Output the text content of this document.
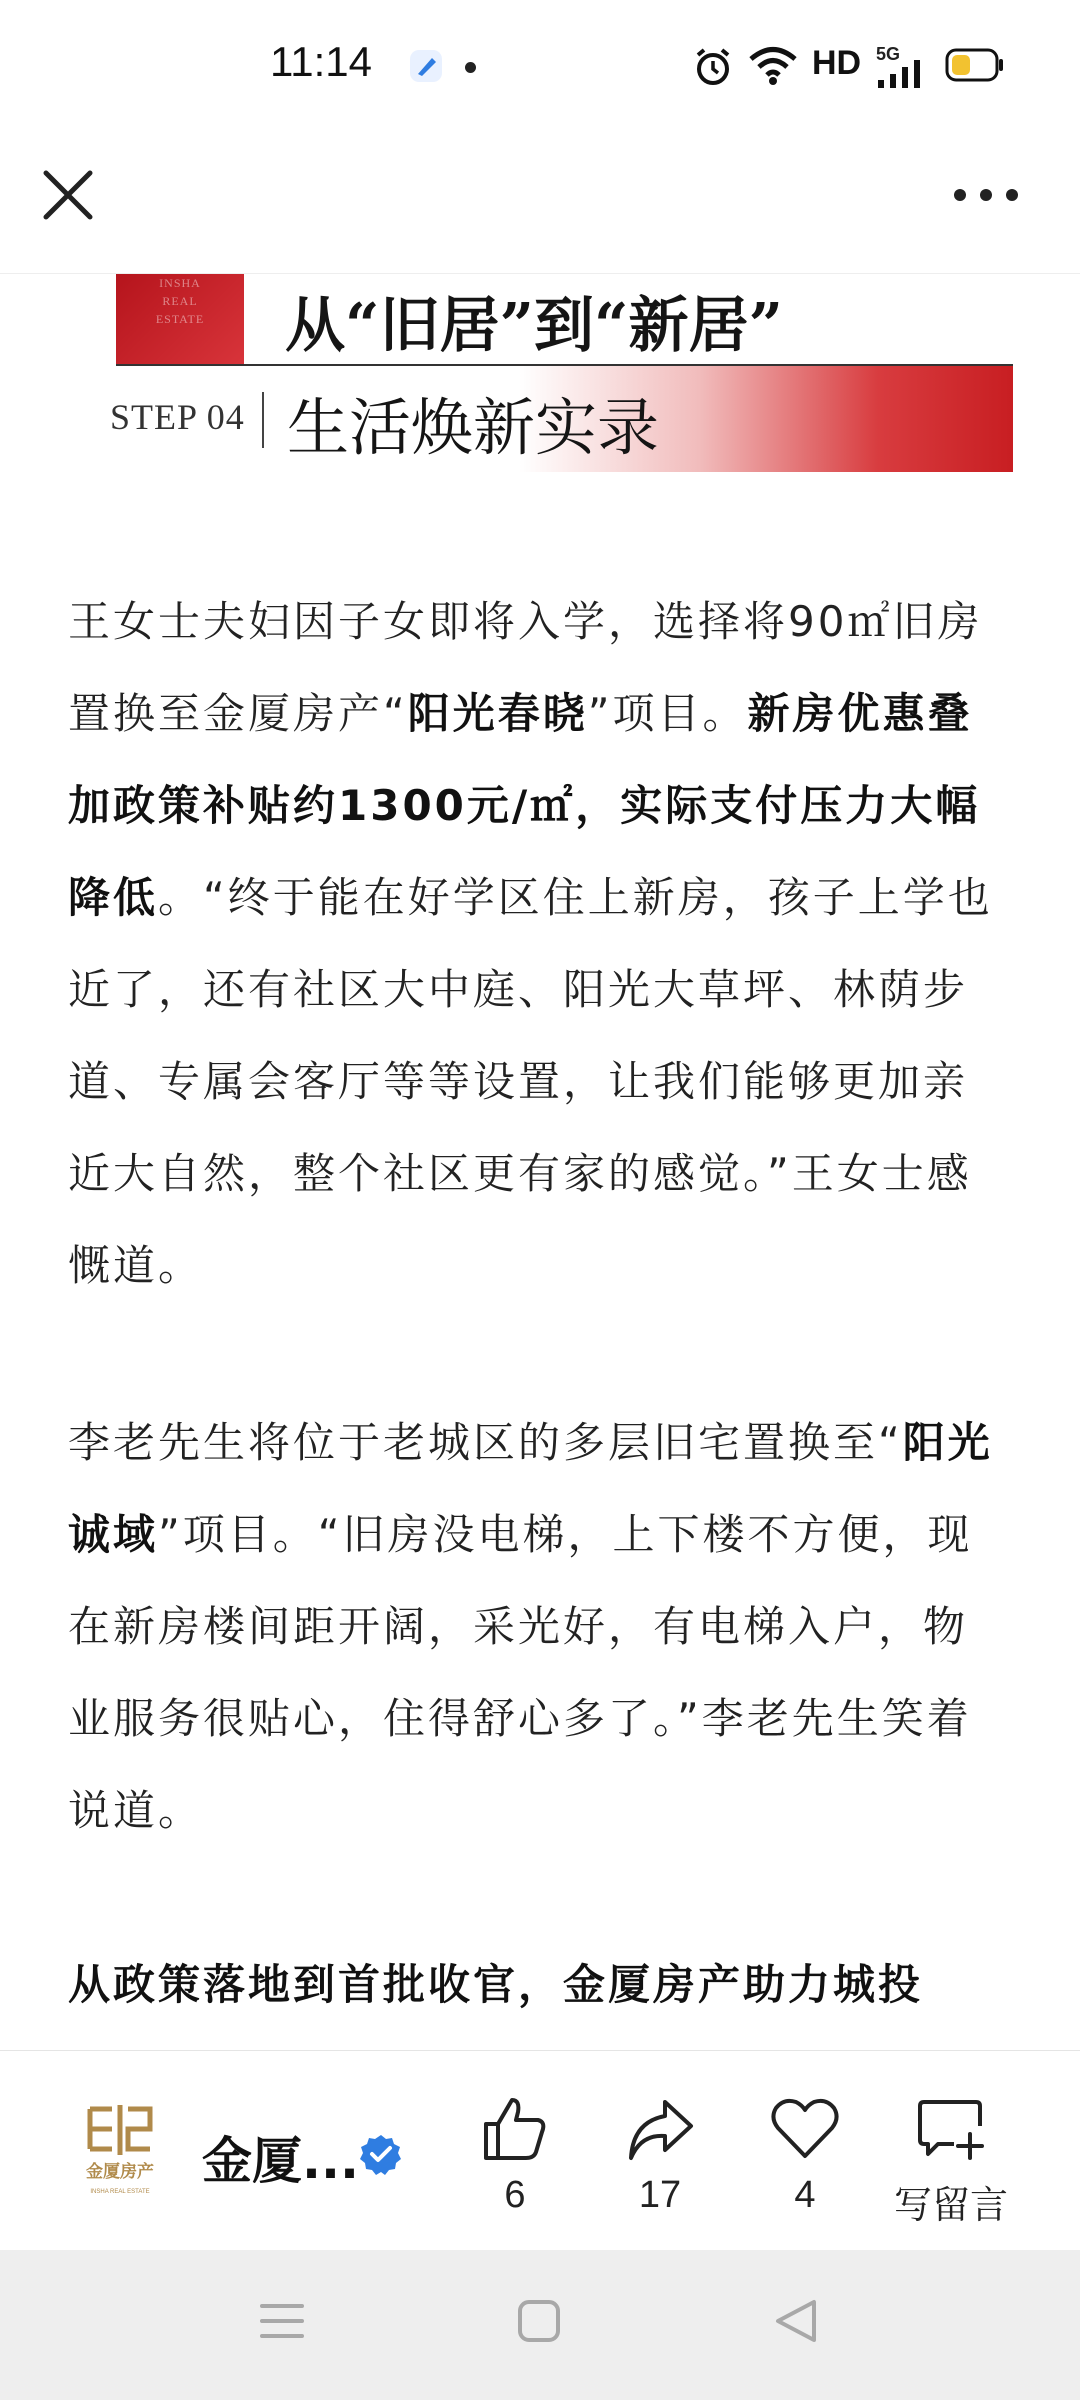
11:14	HD 5G
INSHA
REAL
ESTATE	从“旧居”到“新居”
STEP 04 生活焕新实录

王女士夫妇因子女即将入学，选择将90㎡旧房置换至金厦房产“阳光春晓”项目。新房优惠叠加政策补贴约1300元/㎡，实际支付压力大幅降低。“终于能在好学区住上新房，孩子上学也近了，还有社区大中庭、阳光大草坪、林荫步道、专属会客厅等等设置，让我们能够更加亲近大自然，整个社区更有家的感觉。”王女士感慨道。

李老先生将位于老城区的多层旧宅置换至“阳光诚域”项目。“旧房没电梯，上下楼不方便，现在新房楼间距开阔，采光好，有电梯入户，物业服务很贴心，住得舒心多了。”李老先生笑着说道。

从政策落地到首批收官，金厦房产助力城投

金厦房产
INSHA REAL ESTATE
金厦...
6	17	4	写留言
